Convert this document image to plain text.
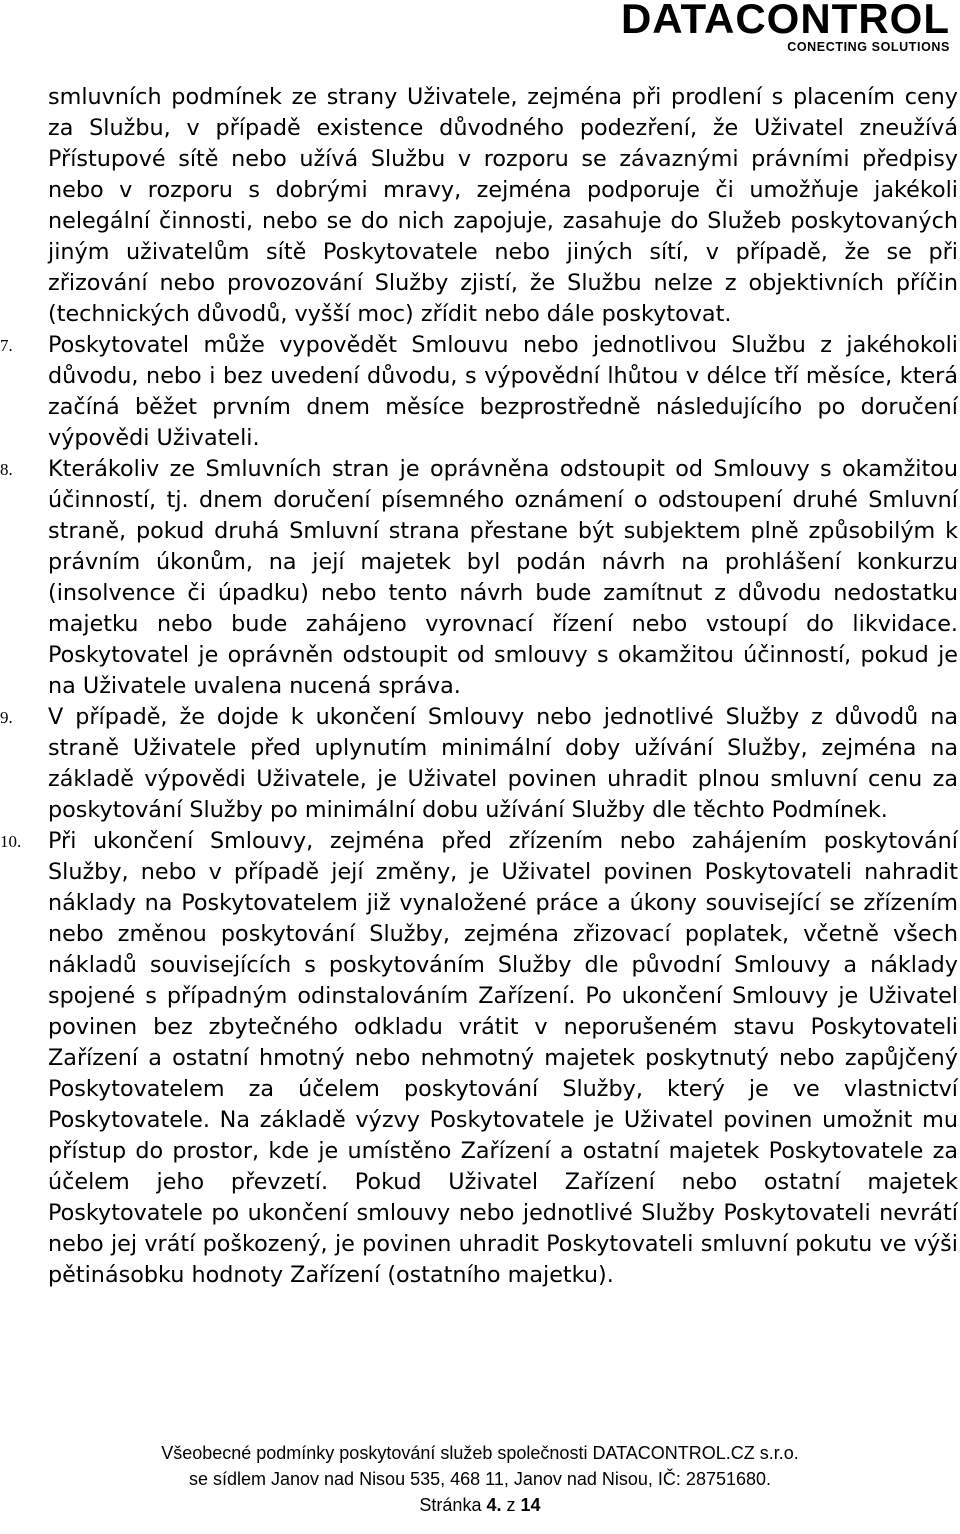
DATACONTROL
CONECTING SOLUTIONS

smluvních podmínek ze strany Uživatele, zejména při prodlení s placením ceny za Službu, v případě existence důvodného podezření, že Uživatel zneužívá Přístupové sítě nebo užívá Službu v rozporu se závaznými právními předpisy nebo v rozporu s dobrými mravy, zejména podporuje či umožňuje jakékoli nelegální činnosti, nebo se do nich zapojuje, zasahuje do Služeb poskytovaných jiným uživatelům sítě Poskytovatele nebo jiných sítí, v případě, že se při zřizování nebo provozování Služby zjistí, že Službu nelze z objektivních příčin (technických důvodů, vyšší moc) zřídit nebo dále poskytovat.

7. Poskytovatel může vypovědět Smlouvu nebo jednotlivou Službu z jakéhokoli důvodu, nebo i bez uvedení důvodu, s výpovědní lhůtou v délce tří měsíce, která začíná běžet prvním dnem měsíce bezprostředně následujícího po doručení výpovědi Uživateli.
8. Kterákoliv ze Smluvních stran je oprávněna odstoupit od Smlouvy s okamžitou účinností, tj. dnem doručení písemného oznámení o odstoupení druhé Smluvní straně, pokud druhá Smluvní strana přestane být subjektem plně způsobilým k právním úkonům, na její majetek byl podán návrh na prohlášení konkurzu (insolvence či úpadku) nebo tento návrh bude zamítnut z důvodu nedostatku majetku nebo bude zahájeno vyrovnací řízení nebo vstoupí do likvidace. Poskytovatel je oprávněn odstoupit od smlouvy s okamžitou účinností, pokud je na Uživatele uvalena nucená správa.
9. V případě, že dojde k ukončení Smlouvy nebo jednotlivé Služby z důvodů na straně Uživatele před uplynutím minimální doby užívání Služby, zejména na základě výpovědi Uživatele, je Uživatel povinen uhradit plnou smluvní cenu za poskytování Služby po minimální dobu užívání Služby dle těchto Podmínek.
10. Při ukončení Smlouvy, zejména před zřízením nebo zahájením poskytování Služby, nebo v případě její změny, je Uživatel povinen Poskytovateli nahradit náklady na Poskytovatelem již vynaložené práce a úkony související se zřízením nebo změnou poskytování Služby, zejména zřizovací poplatek, včetně všech nákladů souvisejících s poskytováním Služby dle původní Smlouvy a náklady spojené s případným odinstalováním Zařízení. Po ukončení Smlouvy je Uživatel povinen bez zbytečného odkladu vrátit v neporušeném stavu Poskytovateli Zařízení a ostatní hmotný nebo nehmotný majetek poskytnutý nebo zapůjčený Poskytovatelem za účelem poskytování Služby, který je ve vlastnictví Poskytovatele. Na základě výzvy Poskytovatele je Uživatel povinen umožnit mu přístup do prostor, kde je umístěno Zařízení a ostatní majetek Poskytovatele za účelem jeho převzetí. Pokud Uživatel Zařízení nebo ostatní majetek Poskytovatele po ukončení smlouvy nebo jednotlivé Služby Poskytovateli nevrátí nebo jej vrátí poškozený, je povinen uhradit Poskytovateli smluvní pokutu ve výši pětinásobku hodnoty Zařízení (ostatního majetku).
Všeobecné podmínky poskytování služeb společnosti DATACONTROL.CZ s.r.o.
se sídlem Janov nad Nisou 535, 468 11, Janov nad Nisou, IČ: 28751680.
Stránka 4. z 14
